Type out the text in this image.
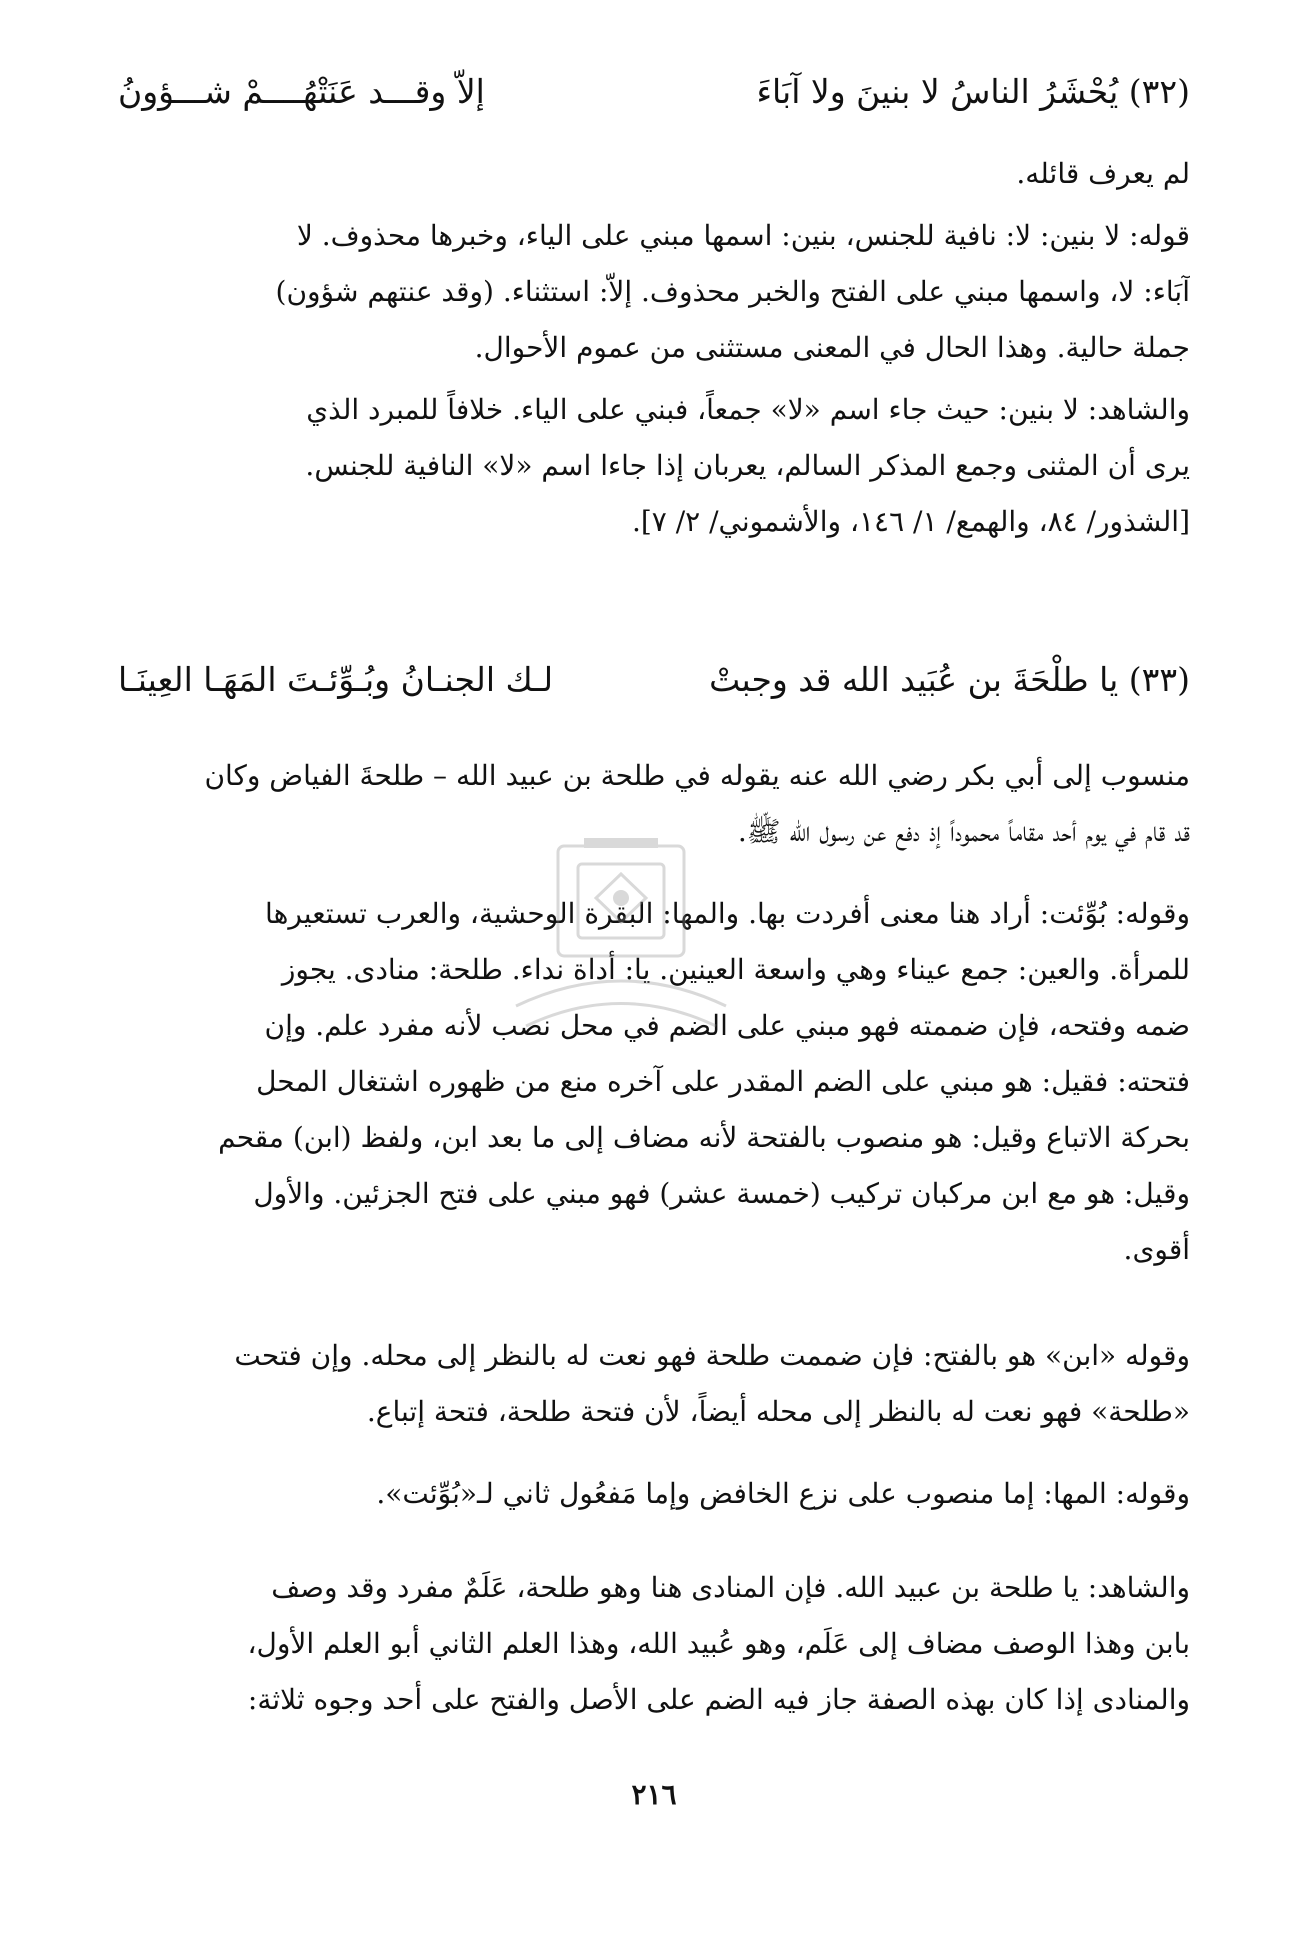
(٣٢) يُحْشَرُ الناسُ لا بنينَ ولا آبَاءَ
إلاّ وقـــد عَنَتْهُــــمْ شـــؤونُ
لم يعرف قائله.
قوله: لا بنين: لا: نافية للجنس، بنين: اسمها مبني على الياء، وخبرها محذوف. لا
آبَاء: لا، واسمها مبني على الفتح والخبر محذوف. إلاّ: استثناء. (وقد عنتهم شؤون)
جملة حالية. وهذا الحال في المعنى مستثنى من عموم الأحوال.
والشاهد: لا بنين: حيث جاء اسم «لا» جمعاً، فبني على الياء. خلافاً للمبرد الذي
يرى أن المثنى وجمع المذكر السالم، يعربان إذا جاءا اسم «لا» النافية للجنس.
[الشذور/ ٨٤، والهمع/ ١/ ١٤٦، والأشموني/ ٢/ ٧].
(٣٣) يا طلْحَةَ بن عُبَيد الله قد وجبتْ
لـك الجنـانُ وبُـوِّئـتَ المَهَـا العِينَـا
منسوب إلى أبي بكر رضي الله عنه يقوله في طلحة بن عبيد الله – طلحةَ الفياض وكان
قد قام في يوم أحد مقاماً محموداً إذ دفع عن رسول الله ﷺ.
وقوله: بُوِّئت: أراد هنا معنى أفردت بها. والمها: البقرة الوحشية، والعرب تستعيرها
للمرأة. والعين: جمع عيناء وهي واسعة العينين. يا: أداة نداء. طلحة: منادى. يجوز
ضمه وفتحه، فإن ضممته فهو مبني على الضم في محل نصب لأنه مفرد علم. وإن
فتحته: فقيل: هو مبني على الضم المقدر على آخره منع من ظهوره اشتغال المحل
بحركة الاتباع وقيل: هو منصوب بالفتحة لأنه مضاف إلى ما بعد ابن، ولفظ (ابن) مقحم
وقيل: هو مع ابن مركبان تركيب (خمسة عشر) فهو مبني على فتح الجزئين. والأول
أقوى.
وقوله «ابن» هو بالفتح: فإن ضممت طلحة فهو نعت له بالنظر إلى محله. وإن فتحت
«طلحة» فهو نعت له بالنظر إلى محله أيضاً، لأن فتحة طلحة، فتحة إتباع.
وقوله: المها: إما منصوب على نزع الخافض وإما مَفعُول ثاني لـ«بُوِّئت».
والشاهد: يا طلحة بن عبيد الله. فإن المنادى هنا وهو طلحة، عَلَمٌ مفرد وقد وصف
بابن وهذا الوصف مضاف إلى عَلَم، وهو عُبيد الله، وهذا العلم الثاني أبو العلم الأول،
والمنادى إذا كان بهذه الصفة جاز فيه الضم على الأصل والفتح على أحد وجوه ثلاثة:
٢١٦
